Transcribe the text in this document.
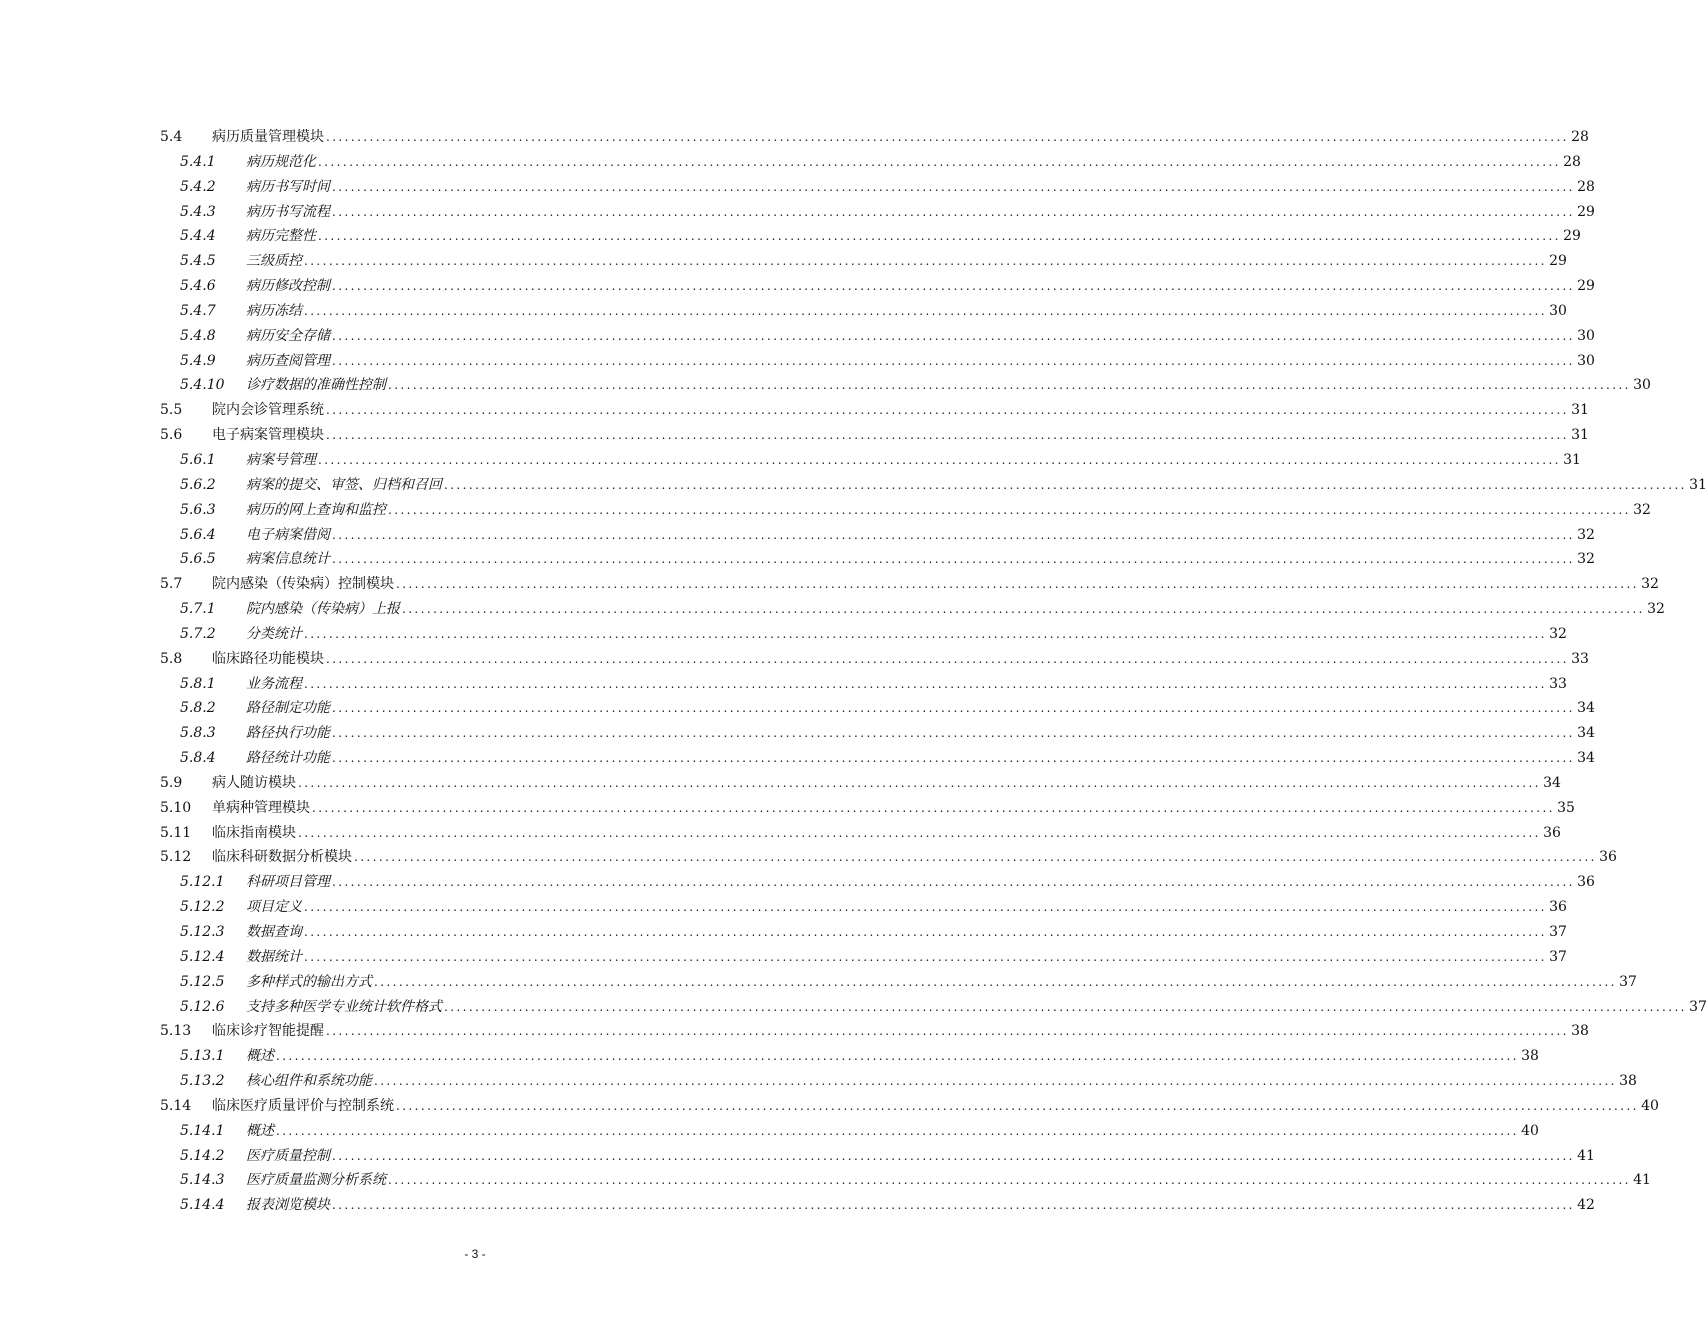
5.4	病历质量管理模块 ........................................................................................................................................................................................................ 28
5.4.1	病历规范化 ........................................................................................................................................................................................................ 28
5.4.2	病历书写时间 ........................................................................................................................................................................................................ 28
5.4.3	病历书写流程 ........................................................................................................................................................................................................ 29
5.4.4	病历完整性 ........................................................................................................................................................................................................ 29
5.4.5	三级质控 ........................................................................................................................................................................................................ 29
5.4.6	病历修改控制 ........................................................................................................................................................................................................ 29
5.4.7	病历冻结 ........................................................................................................................................................................................................ 30
5.4.8	病历安全存储 ........................................................................................................................................................................................................ 30
5.4.9	病历查阅管理 ........................................................................................................................................................................................................ 30
5.4.10	诊疗数据的准确性控制 ........................................................................................................................................................................................................ 30
5.5	院内会诊管理系统 ........................................................................................................................................................................................................ 31
5.6	电子病案管理模块 ........................................................................................................................................................................................................ 31
5.6.1	病案号管理 ........................................................................................................................................................................................................ 31
5.6.2	病案的提交、审签、归档和召回 ........................................................................................................................................................................................................ 31
5.6.3	病历的网上查询和监控 ........................................................................................................................................................................................................ 32
5.6.4	电子病案借阅 ........................................................................................................................................................................................................ 32
5.6.5	病案信息统计 ........................................................................................................................................................................................................ 32
5.7	院内感染（传染病）控制模块 ........................................................................................................................................................................................................ 32
5.7.1	院内感染（传染病）上报 ........................................................................................................................................................................................................ 32
5.7.2	分类统计 ........................................................................................................................................................................................................ 32
5.8	临床路径功能模块 ........................................................................................................................................................................................................ 33
5.8.1	业务流程 ........................................................................................................................................................................................................ 33
5.8.2	路径制定功能 ........................................................................................................................................................................................................ 34
5.8.3	路径执行功能 ........................................................................................................................................................................................................ 34
5.8.4	路径统计功能 ........................................................................................................................................................................................................ 34
5.9	病人随访模块 ........................................................................................................................................................................................................ 34
5.10	单病种管理模块 ........................................................................................................................................................................................................ 35
5.11	临床指南模块 ........................................................................................................................................................................................................ 36
5.12	临床科研数据分析模块 ........................................................................................................................................................................................................ 36
5.12.1	科研项目管理 ........................................................................................................................................................................................................ 36
5.12.2	项目定义 ........................................................................................................................................................................................................ 36
5.12.3	数据查询 ........................................................................................................................................................................................................ 37
5.12.4	数据统计 ........................................................................................................................................................................................................ 37
5.12.5	多种样式的输出方式 ........................................................................................................................................................................................................ 37
5.12.6	支持多种医学专业统计软件格式 ........................................................................................................................................................................................................ 37
5.13	临床诊疗智能提醒 ........................................................................................................................................................................................................ 38
5.13.1	概述 ........................................................................................................................................................................................................ 38
5.13.2	核心组件和系统功能 ........................................................................................................................................................................................................ 38
5.14	临床医疗质量评价与控制系统 ........................................................................................................................................................................................................ 40
5.14.1	概述 ........................................................................................................................................................................................................ 40
5.14.2	医疗质量控制 ........................................................................................................................................................................................................ 41
5.14.3	医疗质量监测分析系统 ........................................................................................................................................................................................................ 41
5.14.4	报表浏览模块 ........................................................................................................................................................................................................ 42
- 3 -
